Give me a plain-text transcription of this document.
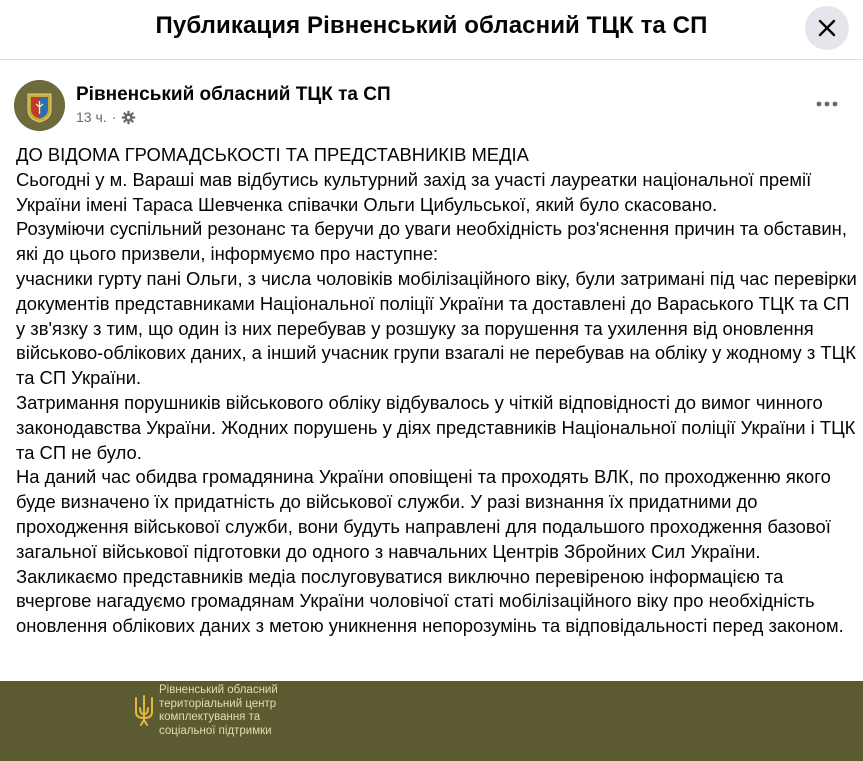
Публикация Рівненський обласний ТЦК та СП
Рівненський обласний ТЦК та СП
13 ч. ·

ДО ВІДОМА ГРОМАДСЬКОСТІ ТА ПРЕДСТАВНИКІВ МЕДІА

Сьогодні у м. Вараші мав відбутись культурний захід за участі лауреатки національної премії України імені Тараса Шевченка співачки Ольги Цибульської, який було скасовано.

Розуміючи суспільний резонанс та беручи до уваги необхідність роз'яснення причин та обставин, які до цього призвели, інформуємо про наступне:

учасники гурту пані Ольги, з числа чоловіків мобілізаційного віку, були затримані під час перевірки документів представниками Національної поліції України та доставлені до Вараського ТЦК та СП у зв'язку з тим, що один із них перебував у розшуку за порушення та ухилення від оновлення військово-облікових даних, а інший учасник групи взагалі не перебував на обліку у жодному з ТЦК та СП України.

Затримання порушників військового обліку відбувалось у чіткій відповідності до вимог чинного законодавства України. Жодних порушень у діях представників Національної поліції України і ТЦК та СП не було.

На даний час обидва громадянина України оповіщені та проходять ВЛК, по проходженню якого буде визначено їх придатність до військової служби. У разі визнання їх придатними до проходження військової служби, вони будуть направлені для подальшого проходження базової загальної військової підготовки до одного з навчальних Центрів Збройних Сил України.

Закликаємо представників медіа послуговуватися виключно перевіреною інформацією та вчергове нагадуємо громадянам України чоловічої статі мобілізаційного віку про необхідність оновлення облікових даних з метою уникнення непорозумінь та відповідальності перед законом.

Рівненський обласний
територіальний центр
комплектування та
соціальної підтримки
